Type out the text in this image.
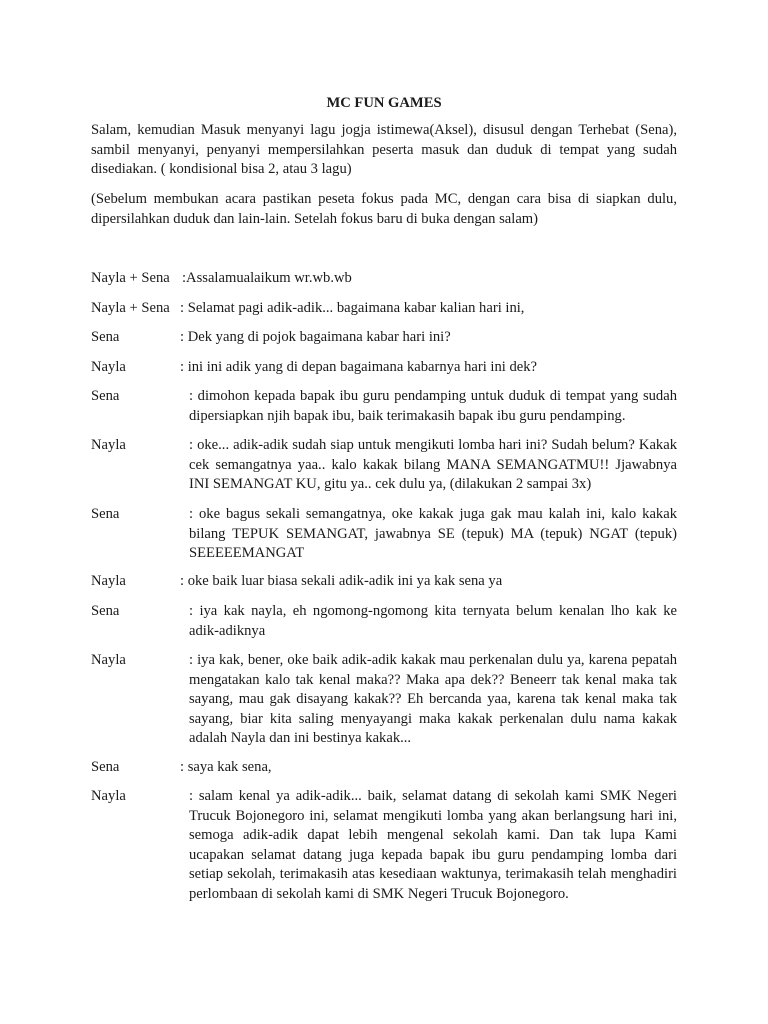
MC FUN GAMES

Salam, kemudian Masuk menyanyi lagu jogja istimewa(Aksel), disusul dengan Terhebat (Sena), sambil menyanyi, penyanyi mempersilahkan peserta masuk dan duduk di tempat yang sudah disediakan. ( kondisional bisa 2, atau 3 lagu)

(Sebelum membukan acara pastikan peseta fokus pada MC, dengan cara bisa di siapkan dulu, dipersilahkan duduk dan lain-lain. Setelah fokus baru di buka dengan salam)

Nayla + Sena :Assalamualaikum wr.wb.wb
Nayla + Sena : Selamat pagi adik-adik... bagaimana kabar kalian hari ini,
Sena	: Dek yang di pojok bagaimana kabar hari ini?
Nayla	: ini ini adik yang di depan bagaimana kabarnya hari ini dek?
Sena	: dimohon kepada bapak ibu guru pendamping untuk duduk di tempat yang sudah dipersiapkan njih bapak ibu, baik terimakasih bapak ibu guru pendamping.
Nayla	: oke... adik-adik sudah siap untuk mengikuti lomba hari ini? Sudah belum? Kakak cek semangatnya yaa.. kalo kakak bilang MANA SEMANGATMU!! Jjawabnya INI SEMANGAT KU, gitu ya.. cek dulu ya, (dilakukan 2 sampai 3x)
Sena	: oke bagus sekali semangatnya, oke kakak juga gak mau kalah ini, kalo kakak bilang TEPUK SEMANGAT, jawabnya SE (tepuk) MA (tepuk) NGAT (tepuk) SEEEEEMANGAT
Nayla	: oke baik luar biasa sekali adik-adik ini ya kak sena ya
Sena	: iya kak nayla, eh ngomong-ngomong kita ternyata belum kenalan lho kak ke adik-adiknya
Nayla	: iya kak, bener, oke baik adik-adik kakak mau perkenalan dulu ya, karena pepatah mengatakan kalo tak kenal maka?? Maka apa dek?? Beneerr tak kenal maka tak sayang, mau gak disayang kakak?? Eh bercanda yaa, karena tak kenal maka tak sayang, biar kita saling menyayangi maka kakak perkenalan dulu nama kakak adalah Nayla dan ini bestinya kakak...
Sena	: saya kak sena,
Nayla	: salam kenal ya adik-adik... baik, selamat datang di sekolah kami SMK Negeri Trucuk Bojonegoro ini, selamat mengikuti lomba yang akan berlangsung hari ini, semoga adik-adik dapat lebih mengenal sekolah kami. Dan tak lupa Kami ucapakan selamat datang juga kepada bapak ibu guru pendamping lomba dari setiap sekolah, terimakasih atas kesediaan waktunya, terimakasih telah menghadiri perlombaan di sekolah kami di SMK Negeri Trucuk Bojonegoro.
